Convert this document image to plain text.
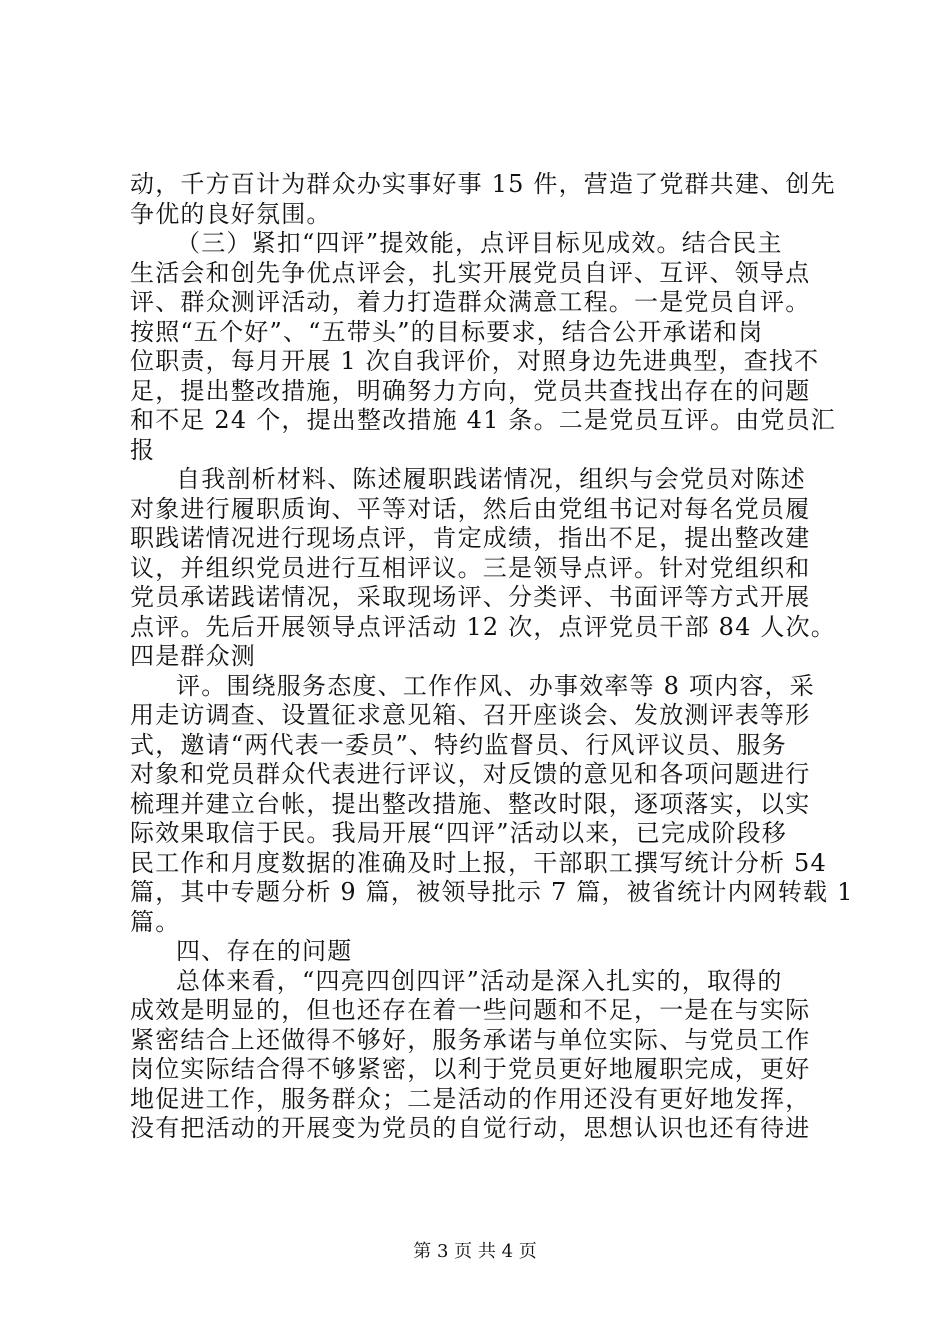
动，千方百计为群众办实事好事 15 件，营造了党群共建、创先
争优的良好氛围。
（三）紧扣“四评”提效能，点评目标见成效。结合民主
生活会和创先争优点评会，扎实开展党员自评、互评、领导点
评、群众测评活动，着力打造群众满意工程。一是党员自评。
按照“五个好”、“五带头”的目标要求，结合公开承诺和岗
位职责，每月开展 1 次自我评价，对照身边先进典型，查找不
足，提出整改措施，明确努力方向，党员共查找出存在的问题
和不足 24 个，提出整改措施 41 条。二是党员互评。由党员汇
报
自我剖析材料、陈述履职践诺情况，组织与会党员对陈述
对象进行履职质询、平等对话，然后由党组书记对每名党员履
职践诺情况进行现场点评，肯定成绩，指出不足，提出整改建
议，并组织党员进行互相评议。三是领导点评。针对党组织和
党员承诺践诺情况，采取现场评、分类评、书面评等方式开展
点评。先后开展领导点评活动 12 次，点评党员干部 84 人次。
四是群众测
评。围绕服务态度、工作作风、办事效率等 8 项内容，采
用走访调查、设置征求意见箱、召开座谈会、发放测评表等形
式，邀请“两代表一委员”、特约监督员、行风评议员、服务
对象和党员群众代表进行评议，对反馈的意见和各项问题进行
梳理并建立台帐，提出整改措施、整改时限，逐项落实，以实
际效果取信于民。我局开展“四评”活动以来，已完成阶段移
民工作和月度数据的准确及时上报，干部职工撰写统计分析 54
篇，其中专题分析 9 篇，被领导批示 7 篇，被省统计内网转载 1
篇。
四、存在的问题
总体来看，“四亮四创四评”活动是深入扎实的，取得的
成效是明显的，但也还存在着一些问题和不足，一是在与实际
紧密结合上还做得不够好，服务承诺与单位实际、与党员工作
岗位实际结合得不够紧密，以利于党员更好地履职完成，更好
地促进工作，服务群众；二是活动的作用还没有更好地发挥，
没有把活动的开展变为党员的自觉行动，思想认识也还有待进
第 3 页 共 4 页
